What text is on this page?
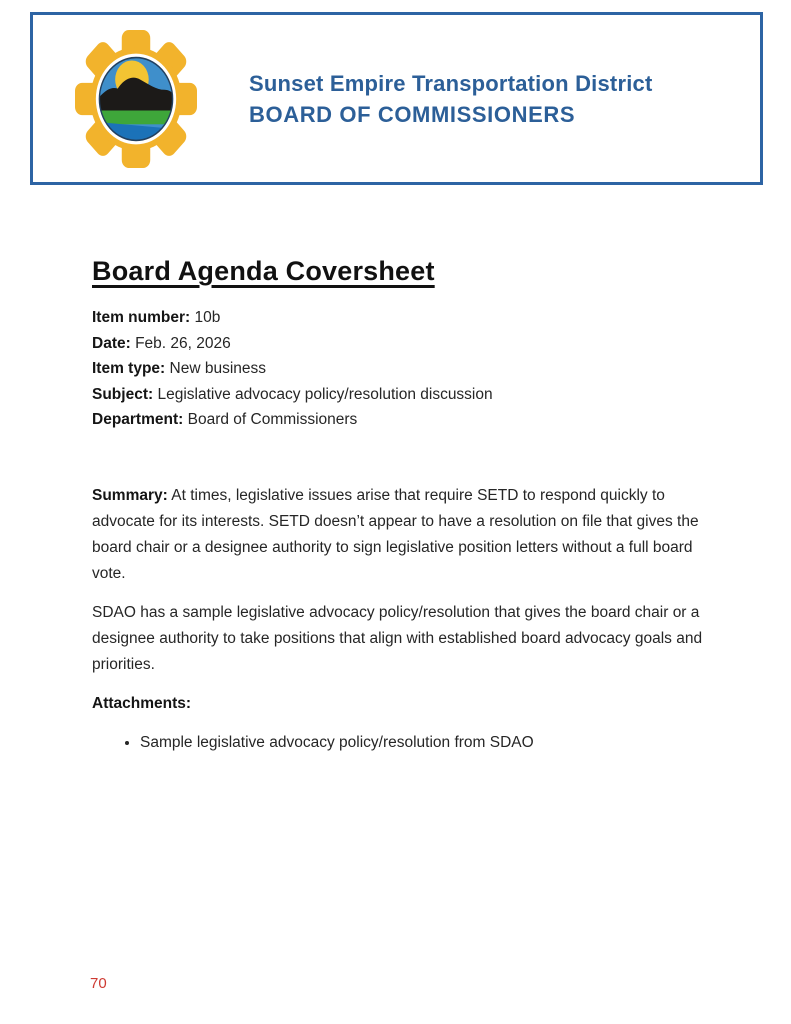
Sunset Empire Transportation District
BOARD OF COMMISSIONERS
Board Agenda Coversheet
Item number: 10b
Date: Feb. 26, 2026
Item type: New business
Subject: Legislative advocacy policy/resolution discussion
Department: Board of Commissioners

Summary: At times, legislative issues arise that require SETD to respond quickly to advocate for its interests. SETD doesn’t appear to have a resolution on file that gives the board chair or a designee authority to sign legislative position letters without a full board vote.

SDAO has a sample legislative advocacy policy/resolution that gives the board chair or a designee authority to take positions that align with established board advocacy goals and priorities.

Attachments:

• Sample legislative advocacy policy/resolution from SDAO
70
